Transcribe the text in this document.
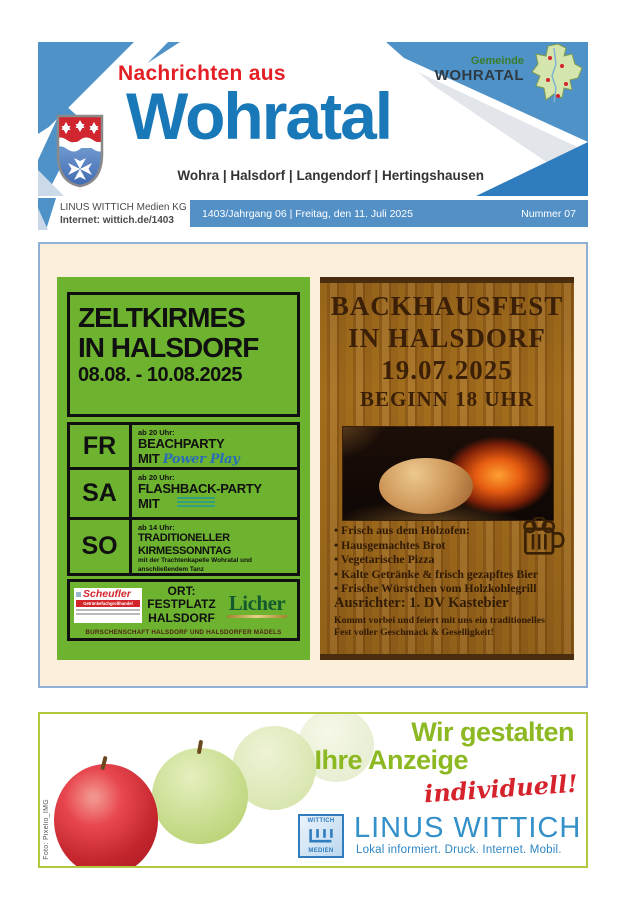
Nachrichten aus
Wohratal
Wohra | Halsdorf | Langendorf | Hertingshausen
Gemeinde
WOHRATAL
LINUS WITTICH Medien KG
Internet: wittich.de/1403
1403/Jahrgang 06 | Freitag, den 11. Juli 2025	Nummer 07
ZELTKIRMES
IN HALSDORF
08.08. - 10.08.2025
FR	ab 20 Uhr:
BEACHPARTY
MIT Power Play
SA
ab 20 Uhr:
FLASHBACK-PARTY
MIT
SO
ab 14 Uhr:
TRADITIONELLER
KIRMESSONNTAG
mit der Trachtenkapelle Wohratal und
anschließendem Tanz
Scheufler
Getränkefachgroßhandel
ORT:
FESTPLATZ
HALSDORF
Licher
BURSCHENSCHAFT HALSDORF UND HALSDORFER MÄDELS
BACKHAUSFEST
IN HALSDORF
19.07.2025
BEGINN 18 UHR
• Frisch aus dem Holzofen:
• Hausgemachtes Brot
• Vegetarische Pizza
• Kalte Getränke & frisch gezapftes Bier
• Frische Würstchen vom Holzkohlegrill
Ausrichter: 1. DV Kastebier
Kommt vorbei und feiert mit uns ein traditionelles
Fest voller Geschmack & Geselligkeit!
Wir gestalten
Ihre Anzeige
individuell!
WITTICH
MEDIEN
LINUS WITTICH
Lokal informiert. Druck. Internet. Mobil.
Foto: Pixelio_IMG
